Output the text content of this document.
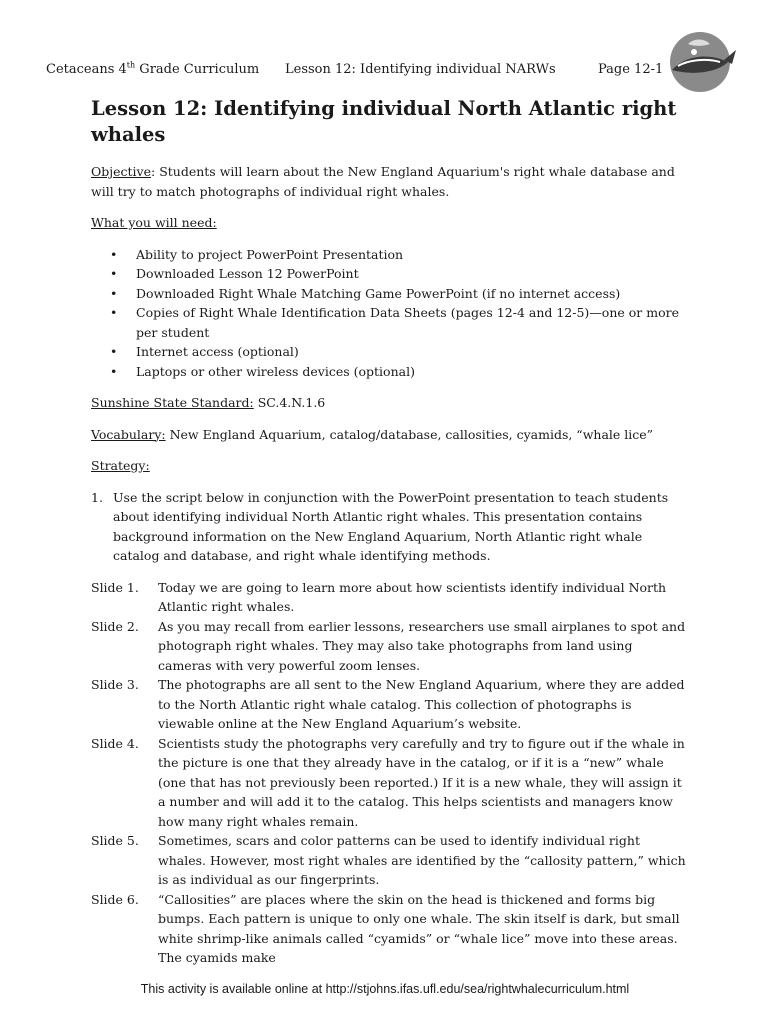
Cetaceans 4th Grade Curriculum Lesson 12: Identifying individual NARWs	Page 12-1
Lesson 12: Identifying individual North Atlantic right whales

Objective: Students will learn about the New England Aquarium's right whale database and will try to match photographs of individual right whales.

What you will need:

• Ability to project PowerPoint Presentation
• Downloaded Lesson 12 PowerPoint
• Downloaded Right Whale Matching Game PowerPoint (if no internet access)
• Copies of Right Whale Identification Data Sheets (pages 12-4 and 12-5)—one or more per student
• Internet access (optional)
• Laptops or other wireless devices (optional)

Sunshine State Standard: SC.4.N.1.6

Vocabulary: New England Aquarium, catalog/database, callosities, cyamids, “whale lice”

Strategy:

1. Use the script below in conjunction with the PowerPoint presentation to teach students about identifying individual North Atlantic right whales. This presentation contains background information on the New England Aquarium, North Atlantic right whale catalog and database, and right whale identifying methods.
Slide 1.	Today we are going to learn more about how scientists identify individual North Atlantic right whales.
Slide 2.	As you may recall from earlier lessons, researchers use small airplanes to spot and photograph right whales. They may also take photographs from land using cameras with very powerful zoom lenses.
Slide 3.	The photographs are all sent to the New England Aquarium, where they are added to the North Atlantic right whale catalog. This collection of photographs is viewable online at the New England Aquarium’s website.
Slide 4.	Scientists study the photographs very carefully and try to figure out if the whale in the picture is one that they already have in the catalog, or if it is a “new” whale (one that has not previously been reported.) If it is a new whale, they will assign it a number and will add it to the catalog. This helps scientists and managers know how many right whales remain.
Slide 5.	Sometimes, scars and color patterns can be used to identify individual right whales. However, most right whales are identified by the “callosity pattern,” which is as individual as our fingerprints.
Slide 6.	“Callosities” are places where the skin on the head is thickened and forms big bumps. Each pattern is unique to only one whale. The skin itself is dark, but small white shrimp-like animals called “cyamids” or “whale lice” move into these areas. The cyamids make
This activity is available online at http://stjohns.ifas.ufl.edu/sea/rightwhalecurriculum.html
